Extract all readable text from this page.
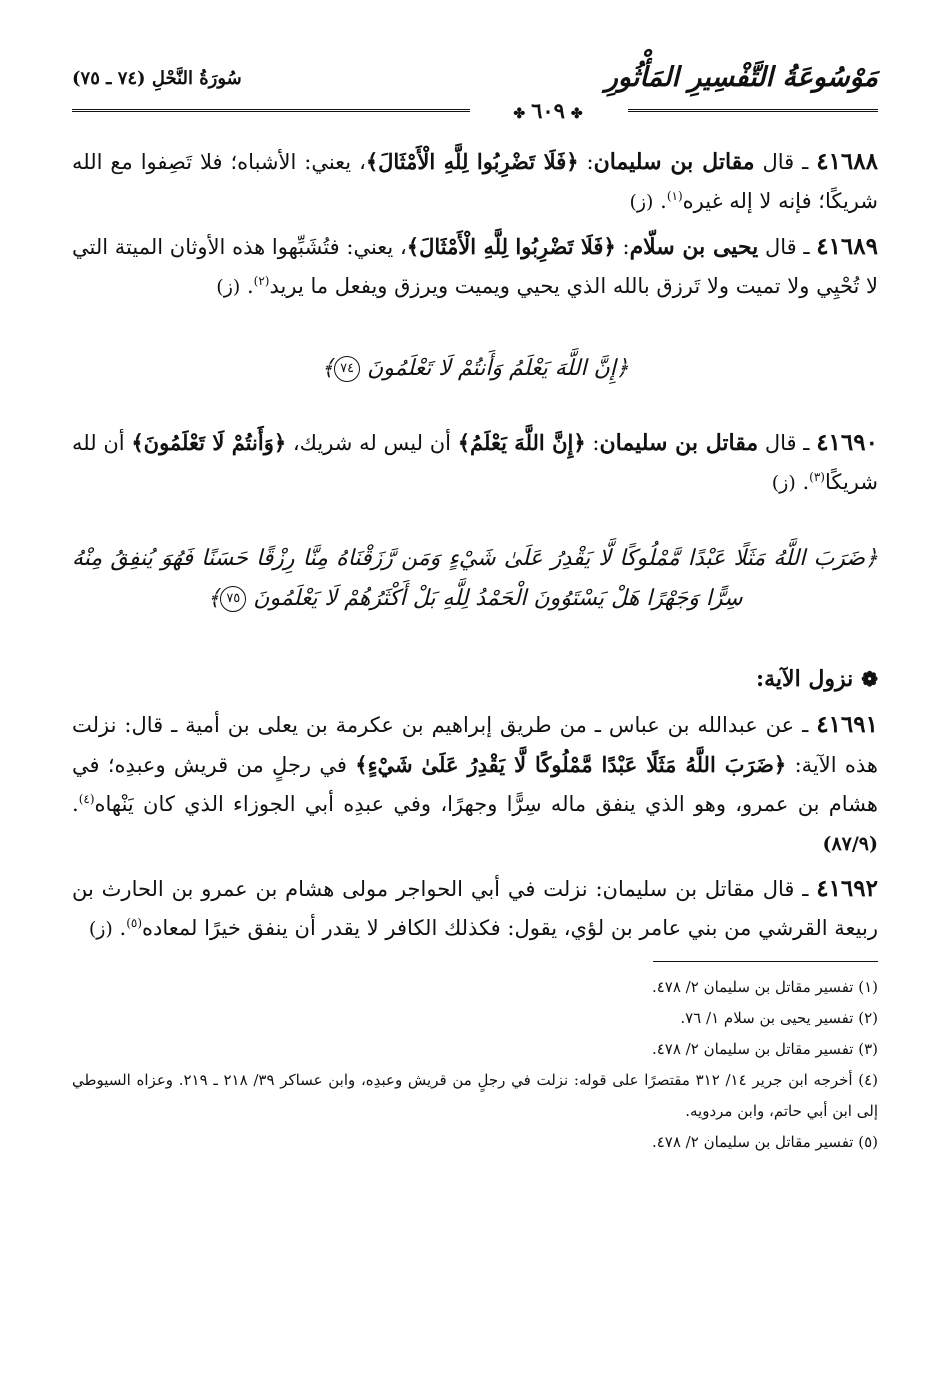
مَوْسُوعَةُ التَّفْسِيرِ المَأْثُورِ
سُورَةُ النَّحْلِ (٧٤ ـ ٧٥)
✤٦٠٩✤

٤١٦٨٨ ـ قال مقاتل بن سليمان: ﴿فَلَا تَضْرِبُوا لِلَّهِ الْأَمْثَالَ﴾، يعني: الأشباه؛ فلا تَصِفوا مع الله شريكًا؛ فإنه لا إله غيره$^{(١)}$. (ز)

٤١٦٨٩ ـ قال يحيى بن سلّام: ﴿فَلَا تَضْرِبُوا لِلَّهِ الْأَمْثَالَ﴾، يعني: فتُشَبِّهوا هذه الأوثان الميتة التي لا تُحْيِي ولا تميت ولا تَرزق بالله الذي يحيي ويميت ويرزق ويفعل ما يريد$^{(٢)}$. (ز)

﴿إِنَّ اللَّهَ يَعْلَمُ وَأَنتُمْ لَا تَعْلَمُونَ ٧٤﴾

٤١٦٩٠ ـ قال مقاتل بن سليمان: ﴿إِنَّ اللَّهَ يَعْلَمُ﴾ أن ليس له شريك، ﴿وَأَنتُمْ لَا تَعْلَمُونَ﴾ أن لله شريكًا$^{(٣)}$. (ز)

﴿ضَرَبَ اللَّهُ مَثَلًا عَبْدًا مَّمْلُوكًا لَّا يَقْدِرُ عَلَىٰ شَيْءٍ وَمَن رَّزَقْنَاهُ مِنَّا رِزْقًا حَسَنًا فَهُوَ يُنفِقُ مِنْهُ سِرًّا وَجَهْرًا هَلْ يَسْتَوُونَ الْحَمْدُ لِلَّهِ بَلْ أَكْثَرُهُمْ لَا يَعْلَمُونَ ٧٥﴾

❁نزول الآية:

٤١٦٩١ ـ عن عبدالله بن عباس ـ من طريق إبراهيم بن عكرمة بن يعلى بن أمية ـ قال: نزلت هذه الآية: ﴿ضَرَبَ اللَّهُ مَثَلًا عَبْدًا مَّمْلُوكًا لَّا يَقْدِرُ عَلَىٰ شَيْءٍ﴾ في رجلٍ من قريش وعبدِه؛ في هشام بن عمرو، وهو الذي ينفق ماله سِرًّا وجهرًا، وفي عبدِه أبي الجوزاء الذي كان يَنْهاه$^{(٤)}$. (٨٧/٩)

٤١٦٩٢ ـ قال مقاتل بن سليمان: نزلت في أبي الحواجر مولى هشام بن عمرو بن الحارث بن ربيعة القرشي من بني عامر بن لؤي، يقول: فكذلك الكافر لا يقدر أن ينفق خيرًا لمعاده$^{(٥)}$. (ز)

(١) تفسير مقاتل بن سليمان ٢/ ٤٧٨.

(٢) تفسير يحيى بن سلام ١/ ٧٦.

(٣) تفسير مقاتل بن سليمان ٢/ ٤٧٨.

(٤) أخرجه ابن جرير ١٤/ ٣١٢ مقتصرًا على قوله: نزلت في رجلٍ من قريش وعبدِه، وابن عساكر ٣٩/ ٢١٨ ـ ٢١٩. وعزاه السيوطي إلى ابن أبي حاتم، وابن مردويه.

(٥) تفسير مقاتل بن سليمان ٢/ ٤٧٨.
